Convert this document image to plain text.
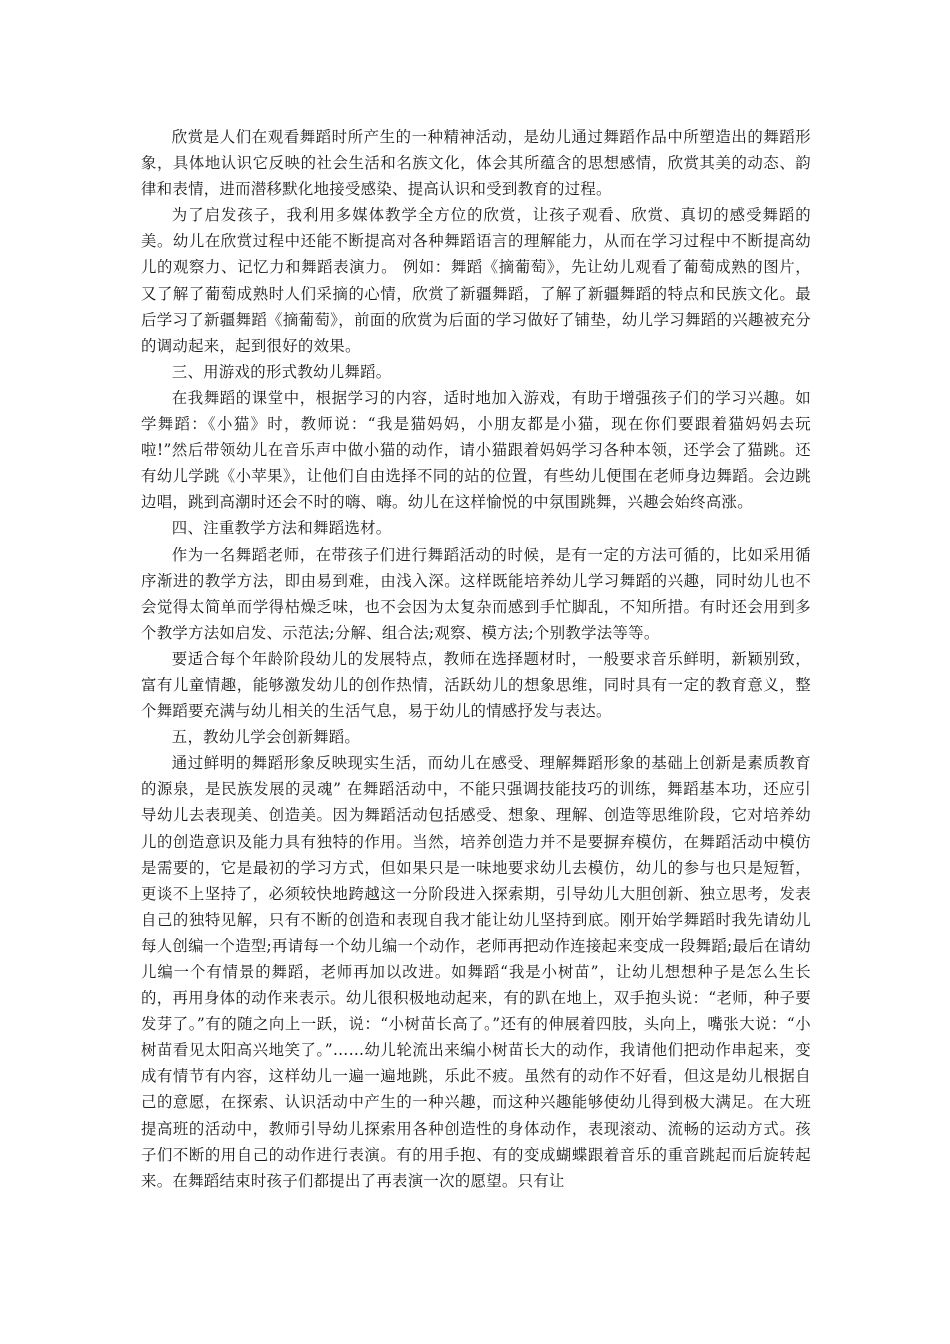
欣赏是人们在观看舞蹈时所产生的一种精神活动，是幼儿通过舞蹈作品中所塑造出的舞蹈形象，具体地认识它反映的社会生活和名族文化，体会其所蕴含的思想感情，欣赏其美的动态、韵律和表情，进而潜移默化地接受感染、提高认识和受到教育的过程。

为了启发孩子，我利用多媒体教学全方位的欣赏，让孩子观看、欣赏、真切的感受舞蹈的美。幼儿在欣赏过程中还能不断提高对各种舞蹈语言的理解能力，从而在学习过程中不断提高幼儿的观察力、记忆力和舞蹈表演力。 例如：舞蹈《摘葡萄》，先让幼儿观看了葡萄成熟的图片，又了解了葡萄成熟时人们采摘的心情，欣赏了新疆舞蹈，了解了新疆舞蹈的特点和民族文化。最后学习了新疆舞蹈《摘葡萄》，前面的欣赏为后面的学习做好了铺垫，幼儿学习舞蹈的兴趣被充分的调动起来，起到很好的效果。

三、用游戏的形式教幼儿舞蹈。

在我舞蹈的课堂中，根据学习的内容，适时地加入游戏，有助于增强孩子们的学习兴趣。如学舞蹈：《小猫》时，教师说：“我是猫妈妈，小朋友都是小猫，现在你们要跟着猫妈妈去玩啦!”然后带领幼儿在音乐声中做小猫的动作，请小猫跟着妈妈学习各种本领，还学会了猫跳。还有幼儿学跳《小苹果》，让他们自由选择不同的站的位置，有些幼儿便围在老师身边舞蹈。会边跳边唱，跳到高潮时还会不时的嗨、嗨。幼儿在这样愉悦的中氛围跳舞，兴趣会始终高涨。

四、注重教学方法和舞蹈选材。

作为一名舞蹈老师，在带孩子们进行舞蹈活动的时候，是有一定的方法可循的，比如采用循序渐进的教学方法，即由易到难，由浅入深。这样既能培养幼儿学习舞蹈的兴趣，同时幼儿也不会觉得太简单而学得枯燥乏味，也不会因为太复杂而感到手忙脚乱，不知所措。有时还会用到多个教学方法如启发、示范法;分解、组合法;观察、模方法;个别教学法等等。

要适合每个年龄阶段幼儿的发展特点，教师在选择题材时，一般要求音乐鲜明，新颖别致，富有儿童情趣，能够激发幼儿的创作热情，活跃幼儿的想象思维，同时具有一定的教育意义，整个舞蹈要充满与幼儿相关的生活气息，易于幼儿的情感抒发与表达。

五，教幼儿学会创新舞蹈。

通过鲜明的舞蹈形象反映现实生活，而幼儿在感受、理解舞蹈形象的基础上创新是素质教育的源泉，是民族发展的灵魂” 在舞蹈活动中，不能只强调技能技巧的训练，舞蹈基本功，还应引导幼儿去表现美、创造美。因为舞蹈活动包括感受、想象、理解、创造等思维阶段，它对培养幼儿的创造意识及能力具有独特的作用。当然，培养创造力并不是要摒弃模仿，在舞蹈活动中模仿是需要的，它是最初的学习方式，但如果只是一味地要求幼儿去模仿，幼儿的参与也只是短暂，更谈不上坚持了，必须较快地跨越这一分阶段进入探索期，引导幼儿大胆创新、独立思考，发表自己的独特见解，只有不断的创造和表现自我才能让幼儿坚持到底。刚开始学舞蹈时我先请幼儿每人创编一个造型;再请每一个幼儿编一个动作，老师再把动作连接起来变成一段舞蹈;最后在请幼儿编一个有情景的舞蹈，老师再加以改进。如舞蹈“我是小树苗”，让幼儿想想种子是怎么生长的，再用身体的动作来表示。幼儿很积极地动起来，有的趴在地上，双手抱头说：“老师，种子要发芽了。”有的随之向上一跃，说：“小树苗长高了。”还有的伸展着四肢，头向上，嘴张大说：“小树苗看见太阳高兴地笑了。”……幼儿轮流出来编小树苗长大的动作，我请他们把动作串起来，变成有情节有内容，这样幼儿一遍一遍地跳，乐此不疲。虽然有的动作不好看，但这是幼儿根据自己的意愿，在探索、认识活动中产生的一种兴趣，而这种兴趣能够使幼儿得到极大满足。在大班提高班的活动中，教师引导幼儿探索用各种创造性的身体动作，表现滚动、流畅的运动方式。孩子们不断的用自己的动作进行表演。有的用手抱、有的变成蝴蝶跟着音乐的重音跳起而后旋转起来。在舞蹈结束时孩子们都提出了再表演一次的愿望。只有让
